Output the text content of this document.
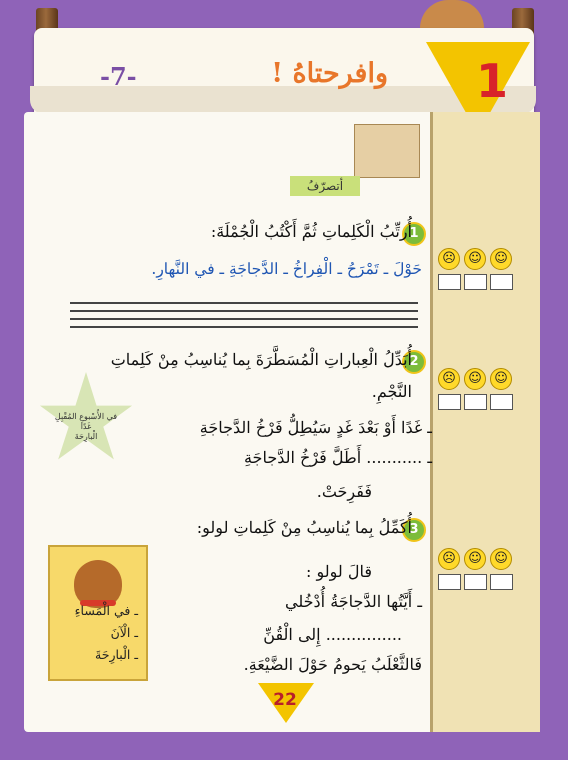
وافرحتاهُ !
-7-	1
أتصرّفُ
1
أُرتِّبُ الْكَلِماتِ ثُمَّ أَكْتُبُ الْجُمْلَةَ:
حَوْلَ ـ تَمْرَحُ ـ الْفِراخُ ـ الدَّجاجَةِ ـ في النَّهارِ.
2
أُبَدِّلُ الْعِباراتِ الْمُسَطَّرَةَ بِما يُناسِبُ مِنْ كَلِماتِ
النَّجْمِ.
ـ غَدًا أَوْ بَعْدَ غَدٍ سَيُطِلُّ فَرْخُ الدَّجاجَةِ
ـ ........... أَطَلَّ فَرْخُ الدَّجاجَةِ
فَفَرِحَتْ.
في الأُسْبوعِ المُقْبِلِ
غَدًا
الْبارِحَةَ
3
أُكَمِّلُ بِما يُناسِبُ مِنْ كَلِماتِ لولو:
قالَ لولو :
ـ أَيَّتُها الدَّجاجَةُ أُدْخُلي
............... إِلى الْقُنِّ
فَالثَّعْلَبُ يَحومُ حَوْلَ الضَّيْعَةِ.
ـ في الْمَساءِ
ـ الْآنَ
ـ الْبارِحَةَ
☹ ☺ ☺
☹ ☺ ☺
☹ ☺ ☺
22
